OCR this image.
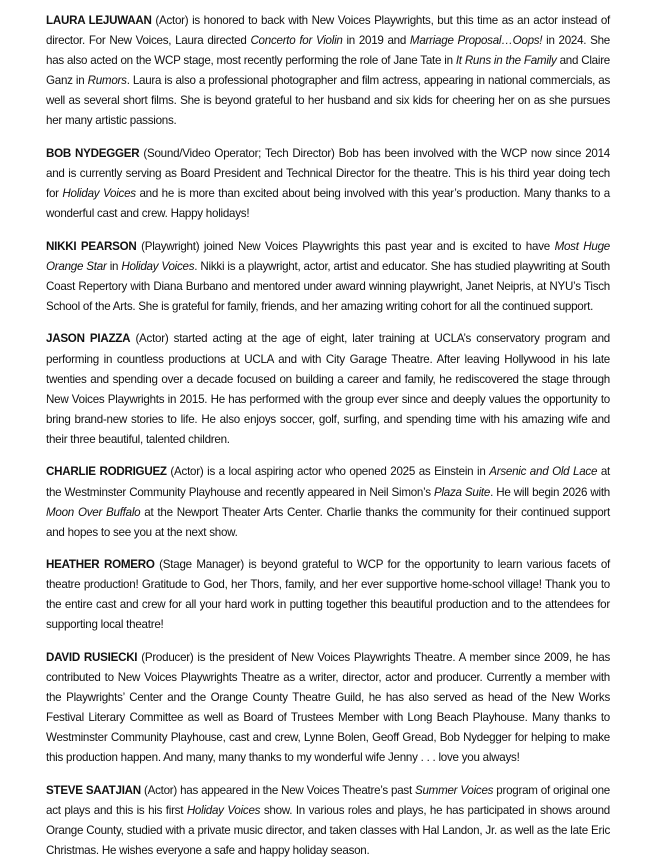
LAURA LEJUWAAN (Actor) is honored to back with New Voices Playwrights, but this time as an actor instead of director. For New Voices, Laura directed Concerto for Violin in 2019 and Marriage Proposal…Oops! in 2024. She has also acted on the WCP stage, most recently performing the role of Jane Tate in It Runs in the Family and Claire Ganz in Rumors. Laura is also a professional photographer and film actress, appearing in national commercials, as well as several short films. She is beyond grateful to her husband and six kids for cheering her on as she pursues her many artistic passions.

BOB NYDEGGER (Sound/Video Operator; Tech Director) Bob has been involved with the WCP now since 2014 and is currently serving as Board President and Technical Director for the theatre. This is his third year doing tech for Holiday Voices and he is more than excited about being involved with this year’s production. Many thanks to a wonderful cast and crew. Happy holidays!

NIKKI PEARSON (Playwright) joined New Voices Playwrights this past year and is excited to have Most Huge Orange Star in Holiday Voices. Nikki is a playwright, actor, artist and educator. She has studied playwriting at South Coast Repertory with Diana Burbano and mentored under award winning playwright, Janet Neipris, at NYU’s Tisch School of the Arts. She is grateful for family, friends, and her amazing writing cohort for all the continued support.

JASON PIAZZA (Actor) started acting at the age of eight, later training at UCLA’s conservatory program and performing in countless productions at UCLA and with City Garage Theatre. After leaving Hollywood in his late twenties and spending over a decade focused on building a career and family, he rediscovered the stage through New Voices Playwrights in 2015. He has performed with the group ever since and deeply values the opportunity to bring brand-new stories to life. He also enjoys soccer, golf, surfing, and spending time with his amazing wife and their three beautiful, talented children.

CHARLIE RODRIGUEZ (Actor) is a local aspiring actor who opened 2025 as Einstein in Arsenic and Old Lace at the Westminster Community Playhouse and recently appeared in Neil Simon’s Plaza Suite. He will begin 2026 with Moon Over Buffalo at the Newport Theater Arts Center. Charlie thanks the community for their continued support and hopes to see you at the next show.

HEATHER ROMERO (Stage Manager) is beyond grateful to WCP for the opportunity to learn various facets of theatre production! Gratitude to God, her Thors, family, and her ever supportive home-school village! Thank you to the entire cast and crew for all your hard work in putting together this beautiful production and to the attendees for supporting local theatre!

DAVID RUSIECKI (Producer) is the president of New Voices Playwrights Theatre. A member since 2009, he has contributed to New Voices Playwrights Theatre as a writer, director, actor and producer. Currently a member with the Playwrights’ Center and the Orange County Theatre Guild, he has also served as head of the New Works Festival Literary Committee as well as Board of Trustees Member with Long Beach Playhouse. Many thanks to Westminster Community Playhouse, cast and crew, Lynne Bolen, Geoff Gread, Bob Nydegger for helping to make this production happen. And many, many thanks to my wonderful wife Jenny . . . love you always!

STEVE SAATJIAN (Actor) has appeared in the New Voices Theatre’s past Summer Voices program of original one act plays and this is his first Holiday Voices show. In various roles and plays, he has participated in shows around Orange County, studied with a private music director, and taken classes with Hal Landon, Jr. as well as the late Eric Christmas. He wishes everyone a safe and happy holiday season.
